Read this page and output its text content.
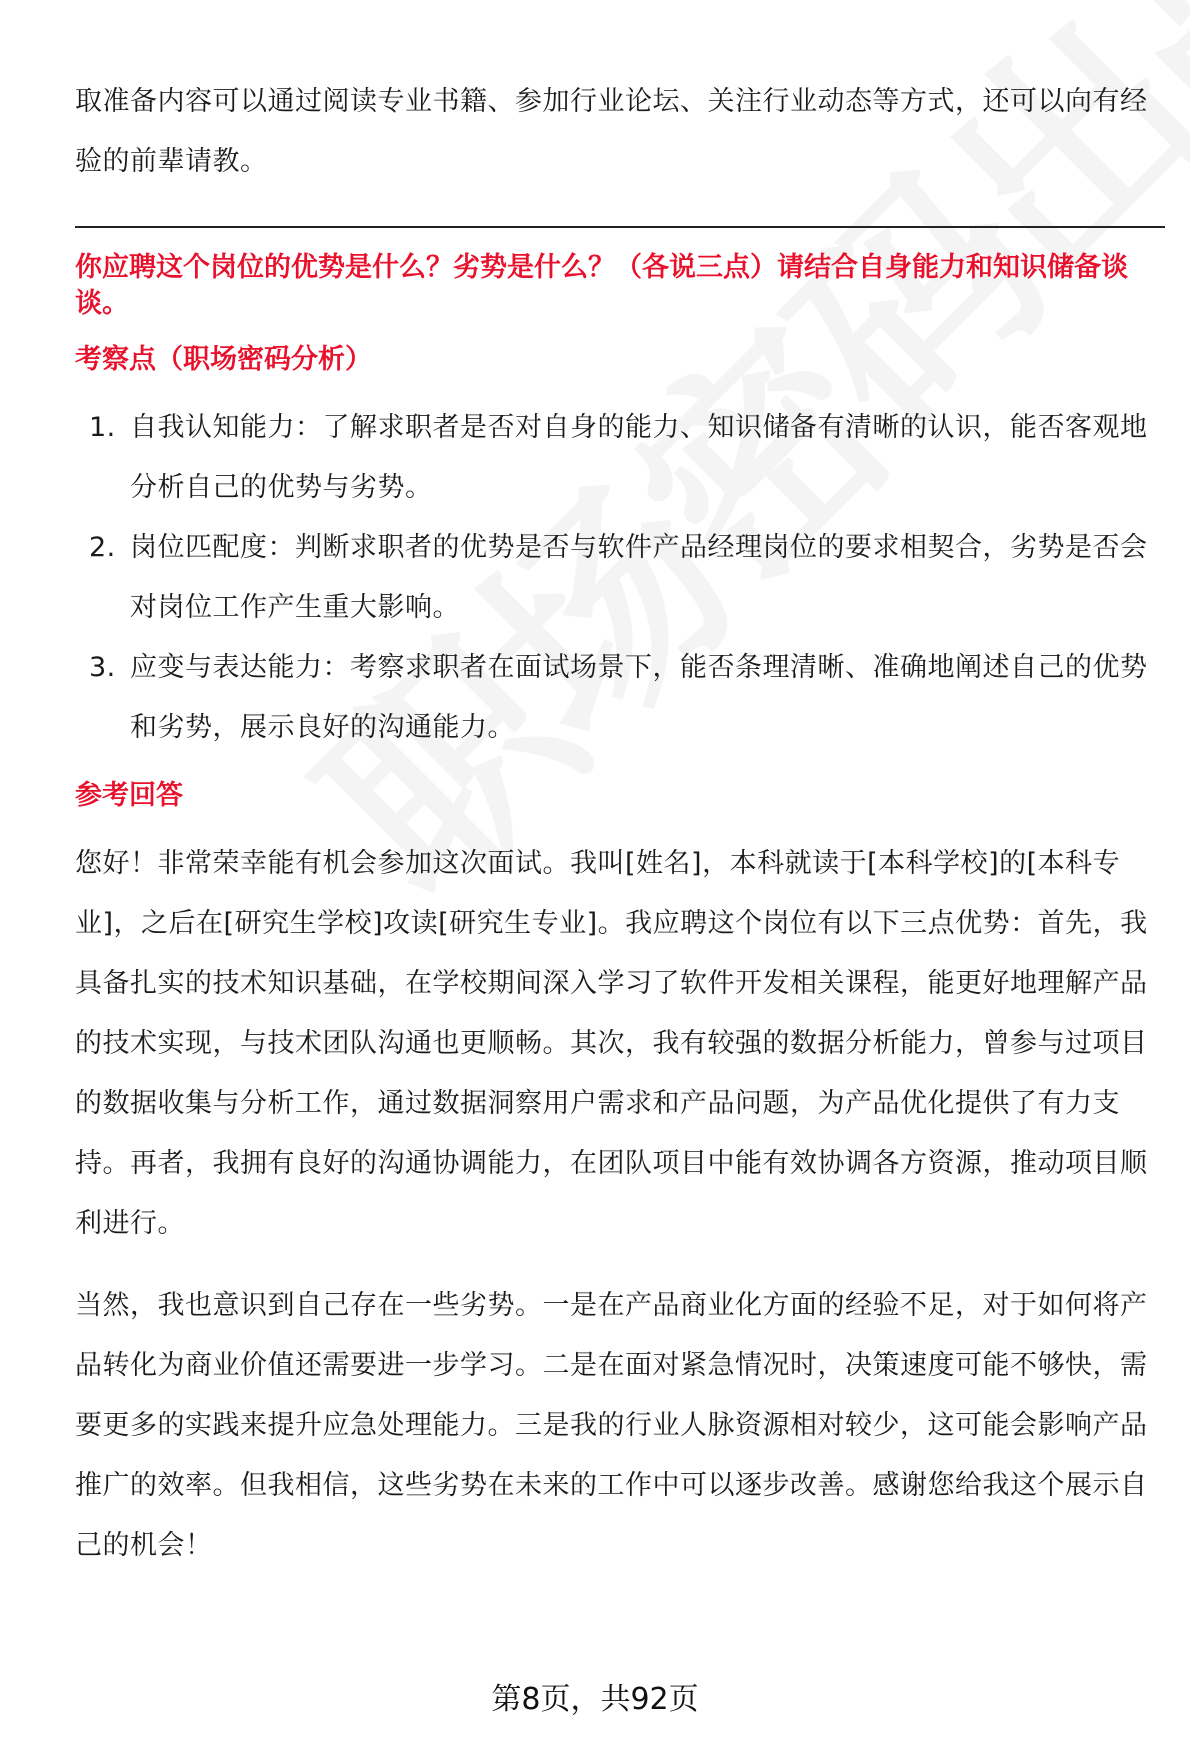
取准备内容可以通过阅读专业书籍、参加行业论坛、关注行业动态等方式，还可以向有经验的前辈请教。

你应聘这个岗位的优势是什么？劣势是什么？（各说三点）请结合自身能力和知识储备谈谈。

考察点（职场密码分析）

1. 自我认知能力：了解求职者是否对自身的能力、知识储备有清晰的认识，能否客观地分析自己的优势与劣势。
2. 岗位匹配度：判断求职者的优势是否与软件产品经理岗位的要求相契合，劣势是否会对岗位工作产生重大影响。
3. 应变与表达能力：考察求职者在面试场景下，能否条理清晰、准确地阐述自己的优势和劣势，展示良好的沟通能力。

参考回答

您好！非常荣幸能有机会参加这次面试。我叫[姓名]，本科就读于[本科学校]的[本科专业]，之后在[研究生学校]攻读[研究生专业]。我应聘这个岗位有以下三点优势：首先，我具备扎实的技术知识基础，在学校期间深入学习了软件开发相关课程，能更好地理解产品的技术实现，与技术团队沟通也更顺畅。其次，我有较强的数据分析能力，曾参与过项目的数据收集与分析工作，通过数据洞察用户需求和产品问题，为产品优化提供了有力支持。再者，我拥有良好的沟通协调能力，在团队项目中能有效协调各方资源，推动项目顺利进行。

当然，我也意识到自己存在一些劣势。一是在产品商业化方面的经验不足，对于如何将产品转化为商业价值还需要进一步学习。二是在面对紧急情况时，决策速度可能不够快，需要更多的实践来提升应急处理能力。三是我的行业人脉资源相对较少，这可能会影响产品推广的效率。但我相信，这些劣势在未来的工作中可以逐步改善。感谢您给我这个展示自己的机会！

第8页，共92页
